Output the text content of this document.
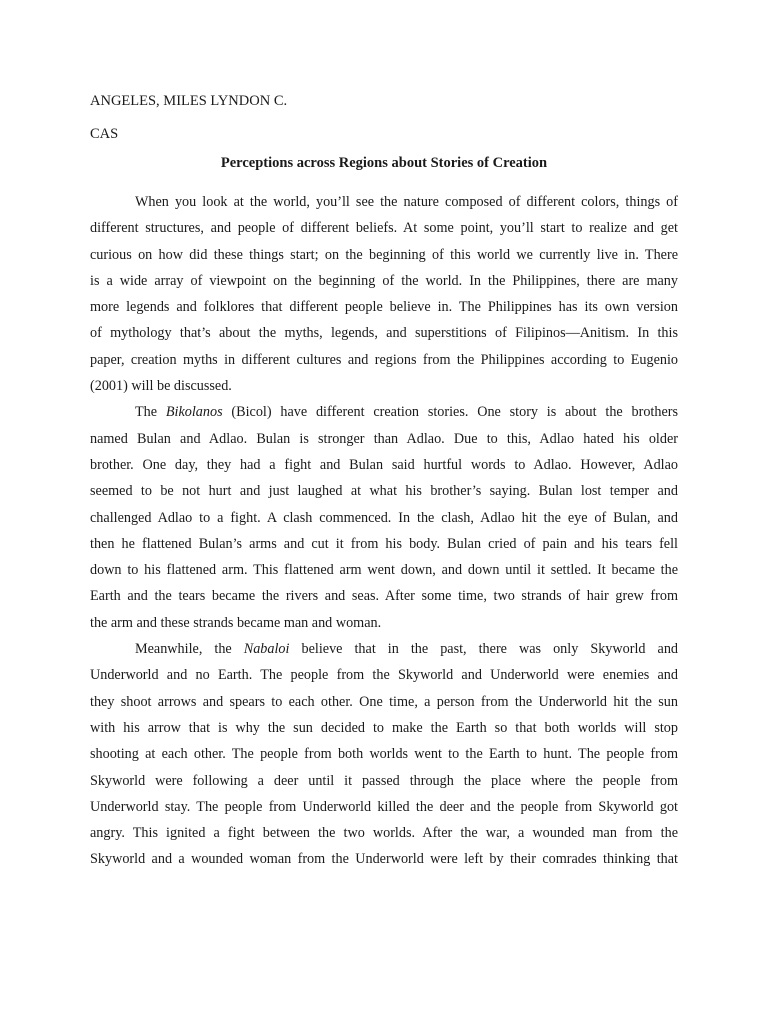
ANGELES, MILES LYNDON C.
CAS
Perceptions across Regions about Stories of Creation
When you look at the world, you’ll see the nature composed of different colors, things of
different structures, and people of different beliefs. At some point, you’ll start to realize and get
curious on how did these things start; on the beginning of this world we currently live in. There
is a wide array of viewpoint on the beginning of the world. In the Philippines, there are many
more legends and folklores that different people believe in. The Philippines has its own version
of mythology that’s about the myths, legends, and superstitions of Filipinos—Anitism. In this
paper, creation myths in different cultures and regions from the Philippines according to Eugenio
(2001) will be discussed.
The Bikolanos (Bicol) have different creation stories. One story is about the brothers
named Bulan and Adlao. Bulan is stronger than Adlao. Due to this, Adlao hated his older
brother. One day, they had a fight and Bulan said hurtful words to Adlao. However, Adlao
seemed to be not hurt and just laughed at what his brother’s saying. Bulan lost temper and
challenged Adlao to a fight. A clash commenced. In the clash, Adlao hit the eye of Bulan, and
then he flattened Bulan’s arms and cut it from his body. Bulan cried of pain and his tears fell
down to his flattened arm. This flattened arm went down, and down until it settled. It became the
Earth and the tears became the rivers and seas. After some time, two strands of hair grew from
the arm and these strands became man and woman.
Meanwhile, the Nabaloi believe that in the past, there was only Skyworld and
Underworld and no Earth. The people from the Skyworld and Underworld were enemies and
they shoot arrows and spears to each other. One time, a person from the Underworld hit the sun
with his arrow that is why the sun decided to make the Earth so that both worlds will stop
shooting at each other. The people from both worlds went to the Earth to hunt. The people from
Skyworld were following a deer until it passed through the place where the people from
Underworld stay. The people from Underworld killed the deer and the people from Skyworld got
angry. This ignited a fight between the two worlds. After the war, a wounded man from the
Skyworld and a wounded woman from the Underworld were left by their comrades thinking that
